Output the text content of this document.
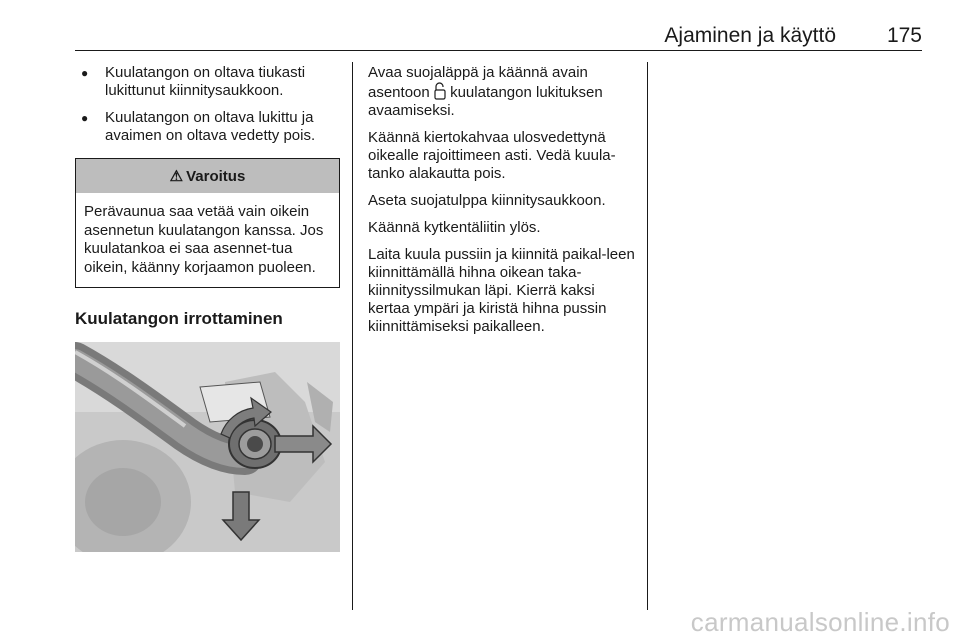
Ajaminen ja käyttö 175
● Kuulatangon on oltava tiukasti lukittunut kiinnitysaukkoon.
● Kuulatangon on oltava lukittu ja avaimen on oltava vedetty pois.
⚠ Varoitus
Perävaunua saa vetää vain oikein asennetun kuulatangon kanssa. Jos kuulatankoa ei saa asennet-tua oikein, käänny korjaamon puoleen.
Kuulatangon irrottaminen

Avaa suojaläppä ja käännä avain asentoon kuulatangon lukituksen avaamiseksi.

Käännä kiertokahvaa ulosvedettynä oikealle rajoittimeen asti. Vedä kuula-tanko alakautta pois.

Aseta suojatulppa kiinnitysaukkoon.

Käännä kytkentäliitin ylös.

Laita kuula pussiin ja kiinnitä paikal-leen kiinnittämällä hihna oikean taka-kiinnityssilmukan läpi. Kierrä kaksi kertaa ympäri ja kiristä hihna pussin kiinnittämiseksi paikalleen.

carmanualsonline.info
